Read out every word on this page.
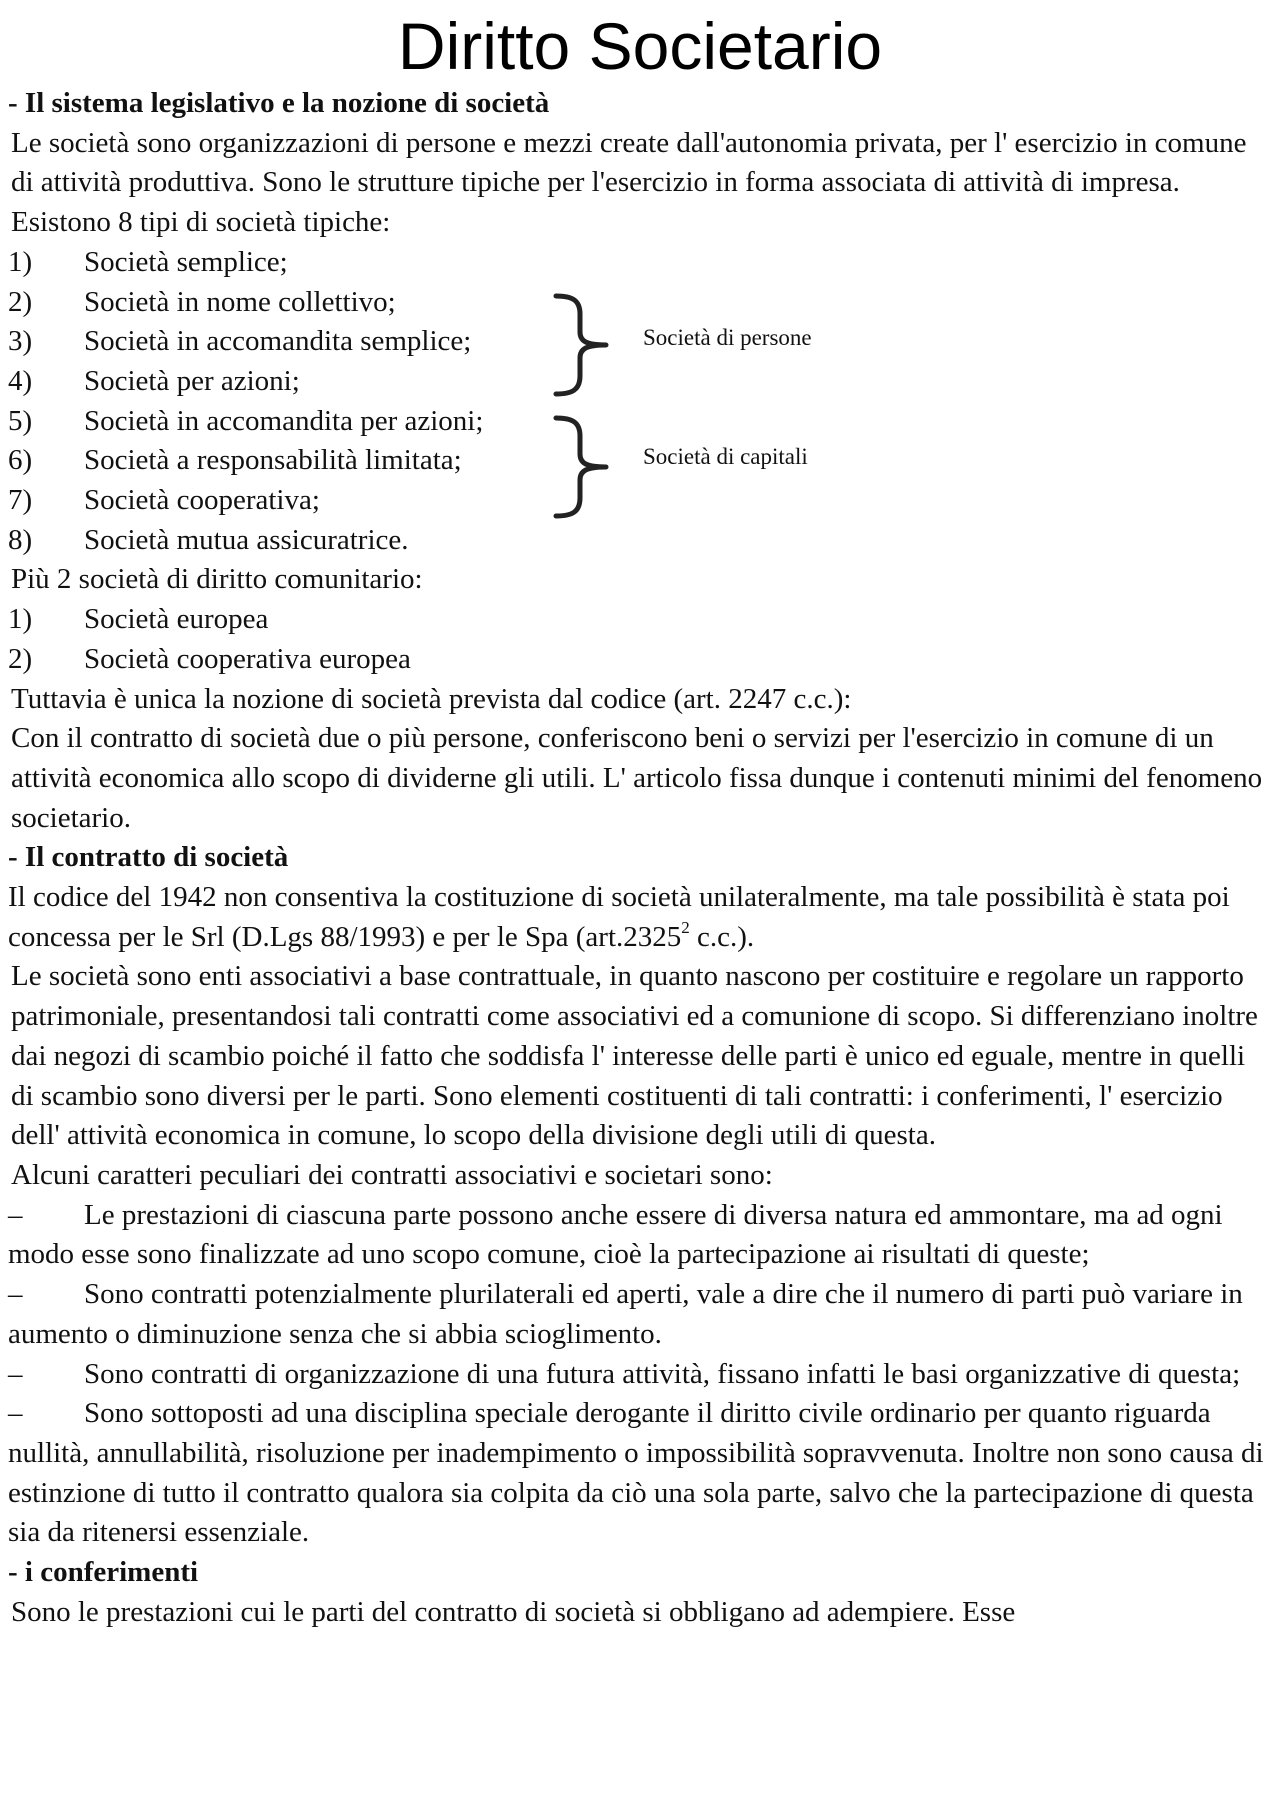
Diritto Societario

- Il sistema legislativo e la nozione di società

Le società sono organizzazioni di persone e mezzi create dall'autonomia privata, per l' esercizio in comune di attività produttiva. Sono le strutture tipiche per l'esercizio in forma associata di attività di impresa.

Esistono 8 tipi di società tipiche:

1) Società semplice;

2) Società in nome collettivo;

3) Società in accomandita semplice;

4) Società per azioni;

5) Società in accomandita per azioni;

6) Società a responsabilità limitata;

7) Società cooperativa;

8) Società mutua assicuratrice.

Più 2 società di diritto comunitario:

1) Società europea

2) Società cooperativa europea

Tuttavia è unica la nozione di società prevista dal codice (art. 2247 c.c.):

Con il contratto di società due o più persone, conferiscono beni o servizi per l'esercizio in comune di un attività economica allo scopo di dividerne gli utili. L' articolo fissa dunque i contenuti minimi del fenomeno societario.

- Il contratto di società

Il codice del 1942 non consentiva la costituzione di società unilateralmente, ma tale possibilità è stata poi concessa per le Srl (D.Lgs 88/1993) e per le Spa (art.2325$^2$ c.c.).

Le società sono enti associativi a base contrattuale, in quanto nascono per costituire e regolare un rapporto patrimoniale, presentandosi tali contratti come associativi ed a comunione di scopo. Si differenziano inoltre dai negozi di scambio poiché il fatto che soddisfa l' interesse delle parti è unico ed eguale, mentre in quelli di scambio sono diversi per le parti. Sono elementi costituenti di tali contratti: i conferimenti, l' esercizio dell' attività economica in comune, lo scopo della divisione degli utili di questa.

Alcuni caratteri peculiari dei contratti associativi e societari sono:

– Le prestazioni di ciascuna parte possono anche essere di diversa natura ed ammontare, ma ad ogni modo esse sono finalizzate ad uno scopo comune, cioè la partecipazione ai risultati di queste;

– Sono contratti potenzialmente plurilaterali ed aperti, vale a dire che il numero di parti può variare in aumento o diminuzione senza che si abbia scioglimento.

– Sono contratti di organizzazione di una futura attività, fissano infatti le basi organizzative di questa;

– Sono sottoposti ad una disciplina speciale derogante il diritto civile ordinario per quanto riguarda nullità, annullabilità, risoluzione per inadempimento o impossibilità sopravvenuta. Inoltre non sono causa di estinzione di tutto il contratto qualora sia colpita da ciò una sola parte, salvo che la partecipazione di questa sia da ritenersi essenziale.

- i conferimenti

Sono le prestazioni cui le parti del contratto di società si obbligano ad adempiere. Esse

Società di persone
Società di capitali
